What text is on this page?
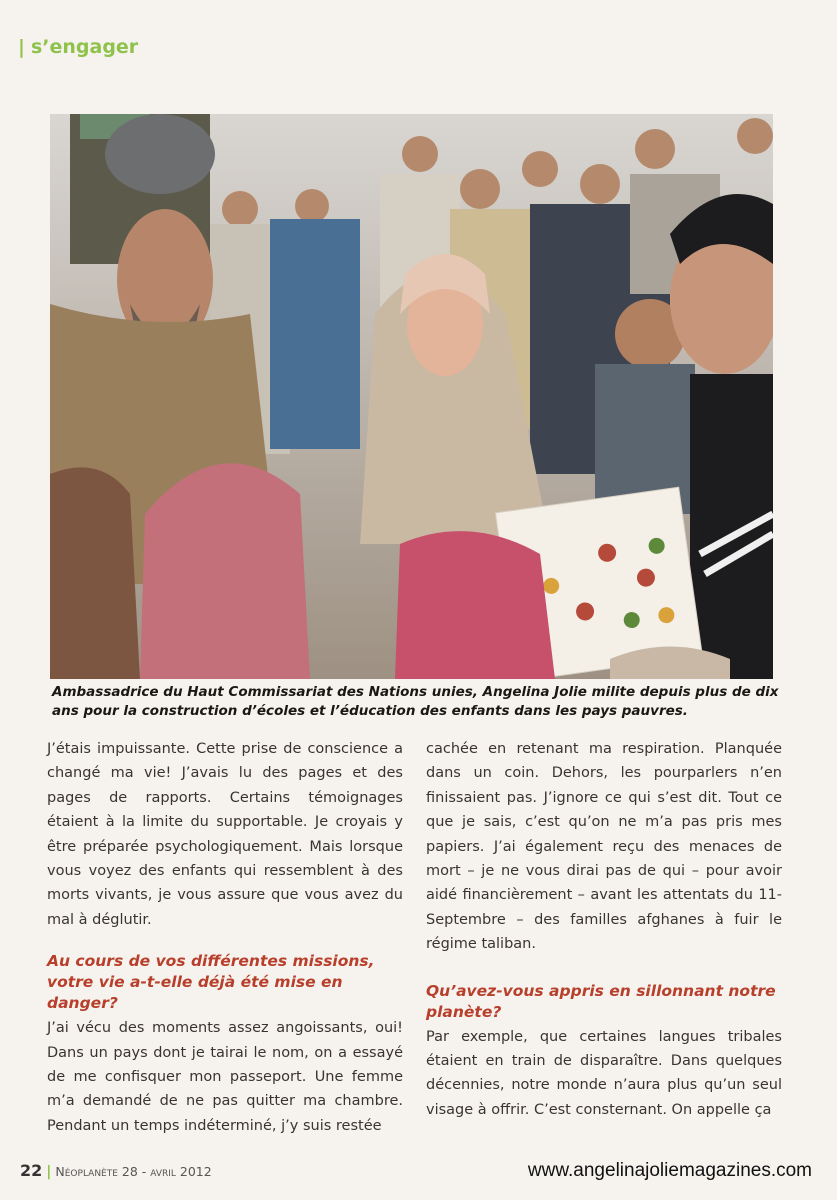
| s’engager
Ambassadrice du Haut Commissariat des Nations unies, Angelina Jolie milite depuis plus de dix ans pour la construction d’écoles et l’éducation des enfants dans les pays pauvres.

J’étais impuissante. Cette prise de conscience a changé ma vie! J’avais lu des pages et des pages de rapports. Certains témoignages étaient à la limite du supportable. Je croyais y être préparée psychologiquement. Mais lorsque vous voyez des enfants qui ressemblent à des morts vivants, je vous assure que vous avez du mal à déglutir.

Au cours de vos différentes missions, votre vie a-t-elle déjà été mise en danger?

J’ai vécu des moments assez angoissants, oui! Dans un pays dont je tairai le nom, on a essayé de me confisquer mon passeport. Une femme m’a demandé de ne pas quitter ma chambre. Pendant un temps indéterminé, j’y suis restée

cachée en retenant ma respiration. Planquée dans un coin. Dehors, les pourparlers n’en finissaient pas. J’ignore ce qui s’est dit. Tout ce que je sais, c’est qu’on ne m’a pas pris mes papiers. J’ai également reçu des menaces de mort – je ne vous dirai pas de qui – pour avoir aidé financièrement – avant les attentats du 11-Septembre – des familles afghanes à fuir le régime taliban.

Qu’avez-vous appris en sillonnant notre planète?

Par exemple, que certaines langues tribales étaient en train de disparaître. Dans quelques décennies, notre monde n’aura plus qu’un seul visage à offrir. C’est consternant. On appelle ça

22 | Néoplanète 28 - avril 2012	www.angelinajoliemagazines.com
